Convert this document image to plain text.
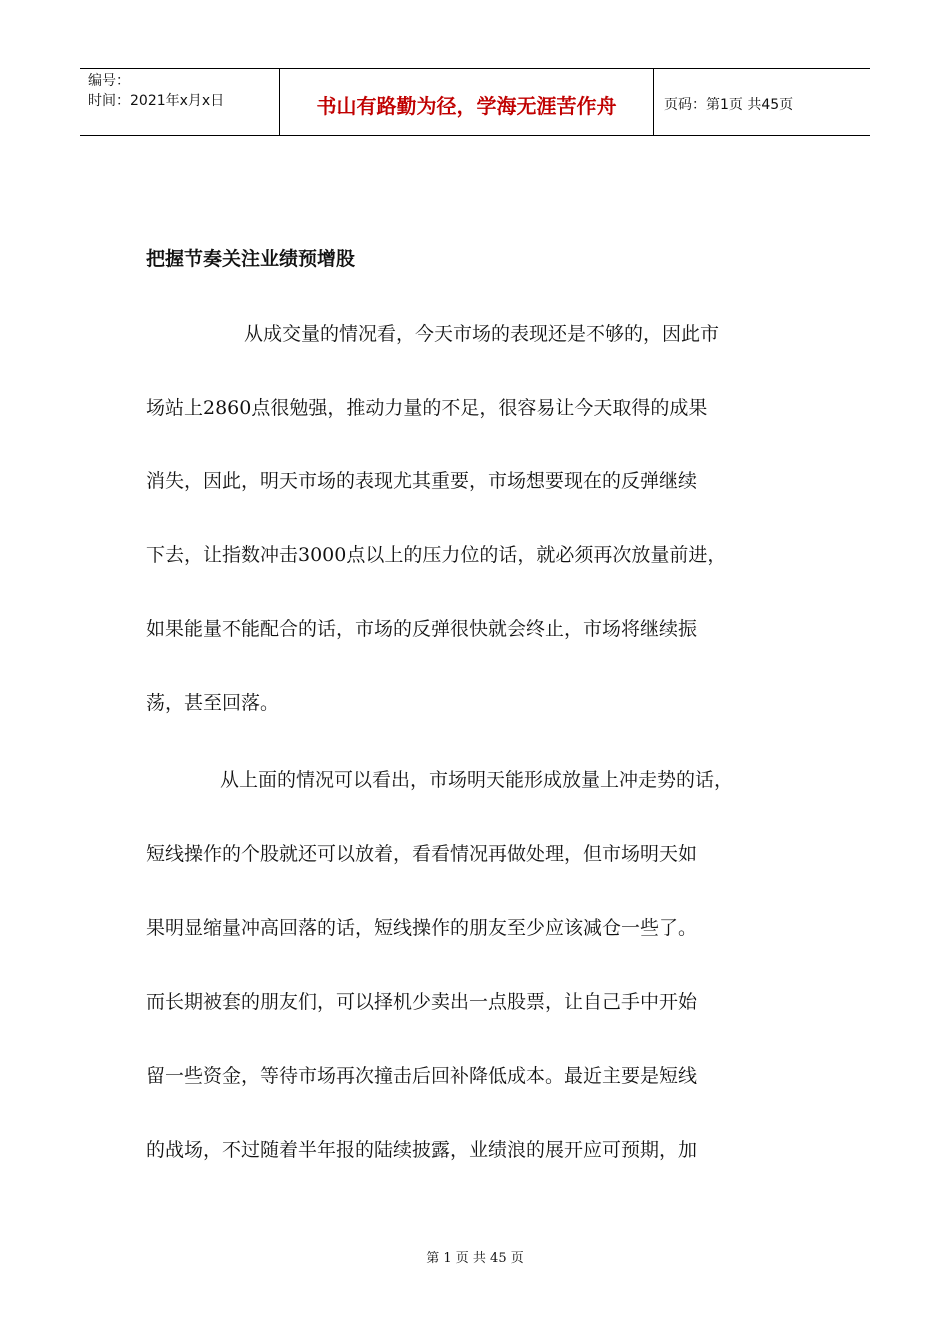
编号：
时间：2021年x月x日	书山有路勤为径，学海无涯苦作舟	页码：第1页 共45页
把握节奏关注业绩预增股

从成交量的情况看，今天市场的表现还是不够的，因此市

场站上2860点很勉强，推动力量的不足，很容易让今天取得的成果

消失，因此，明天市场的表现尤其重要，市场想要现在的反弹继续

下去，让指数冲击3000点以上的压力位的话，就必须再次放量前进，

如果能量不能配合的话，市场的反弹很快就会终止，市场将继续振

荡，甚至回落。

从上面的情况可以看出，市场明天能形成放量上冲走势的话，

短线操作的个股就还可以放着，看看情况再做处理，但市场明天如

果明显缩量冲高回落的话，短线操作的朋友至少应该减仓一些了。

而长期被套的朋友们，可以择机少卖出一点股票，让自己手中开始

留一些资金，等待市场再次撞击后回补降低成本。最近主要是短线

的战场，不过随着半年报的陆续披露，业绩浪的展开应可预期，加

第 1 页 共 45 页
